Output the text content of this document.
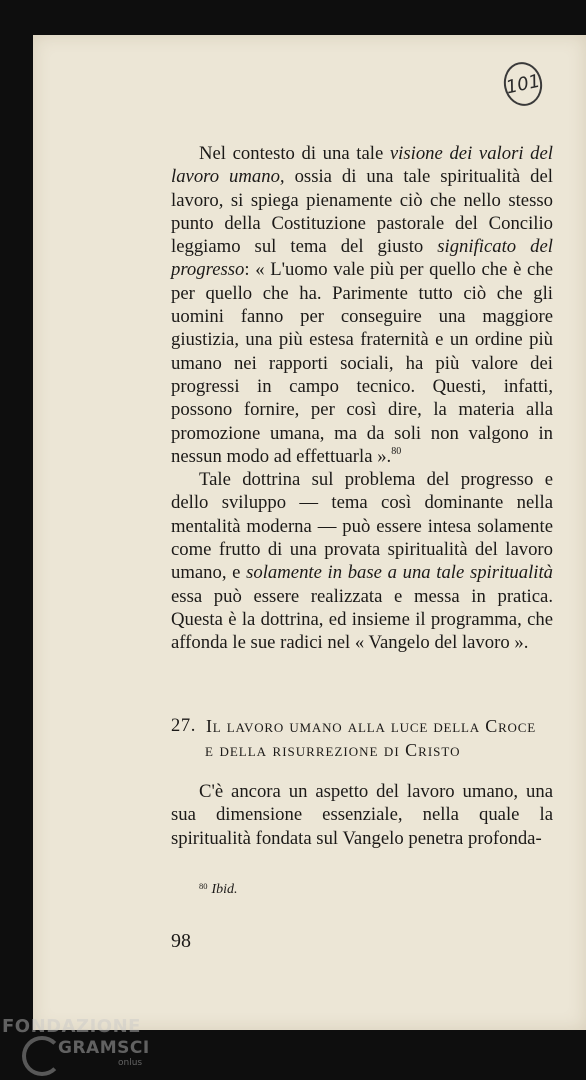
101

Nel contesto di una tale visione dei valori del lavoro umano, ossia di una tale spiritualità del lavoro, si spiega pienamente ciò che nello stesso punto della Costituzione pastorale del Concilio leggiamo sul tema del giusto significato del progresso: « L'uomo vale più per quello che è che per quello che ha. Parimente tutto ciò che gli uomini fanno per conseguire una maggiore giustizia, una più estesa fraternità e un ordine più umano nei rapporti sociali, ha più valore dei progressi in campo tecnico. Questi, infatti, possono fornire, per così dire, la materia alla promozione umana, ma da soli non valgono in nessun modo ad effettuarla ».$^{80}$

Tale dottrina sul problema del progresso e dello sviluppo — tema così dominante nella mentalità moderna — può essere intesa solamente come frutto di una provata spiritualità del lavoro umano, e solamente in base a una tale spiritualità essa può essere realizzata e messa in pratica. Questa è la dottrina, ed insieme il programma, che affonda le sue radici nel « Vangelo del lavoro ».

27. Il lavoro umano alla luce della Croce
e della risurrezione di Cristo

C'è ancora un aspetto del lavoro umano, una sua dimensione essenziale, nella quale la spiritualità fondata sul Vangelo penetra profonda-

$^{80}$ Ibid.
98
FONDAZIONE
GRAMSCI
onlus
